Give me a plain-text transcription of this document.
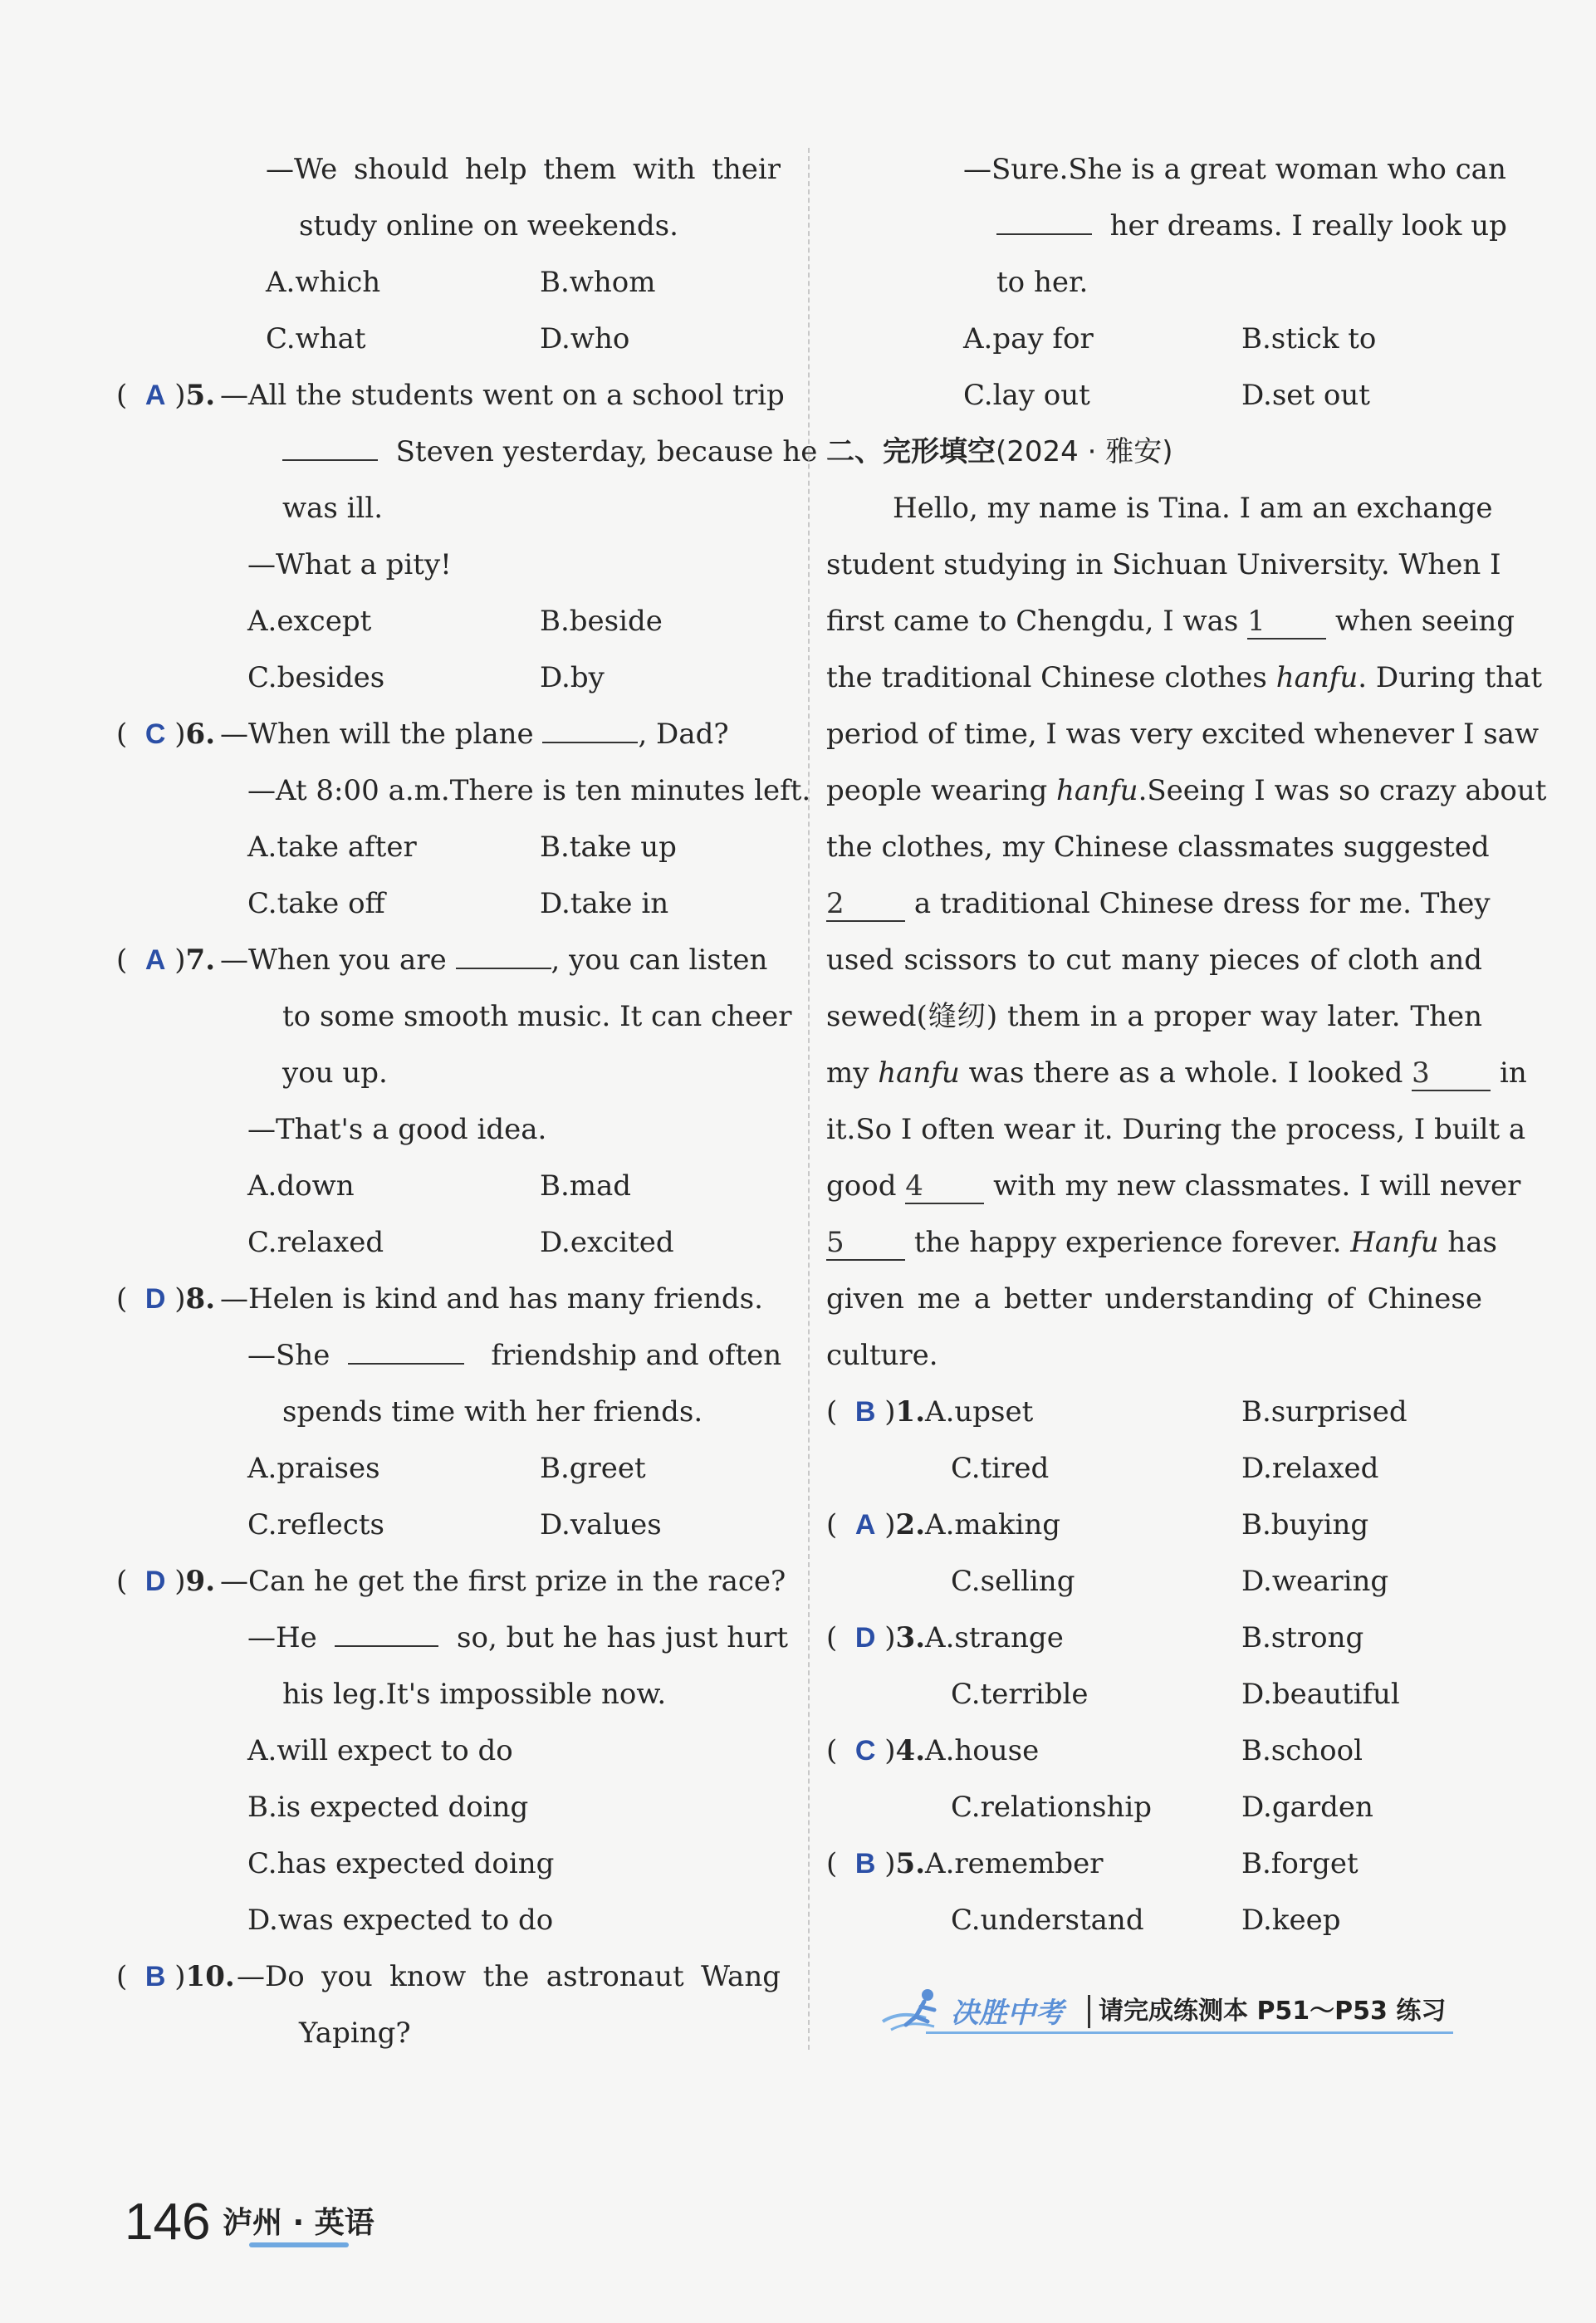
—We should help them with their
study online on weekends.
A.which	B.whom
C.what	D.who
(  A )5. —All the students went on a school trip
Steven yesterday, because he
was ill.
—What a pity!
A.except	B.beside
C.besides	D.by
(  C )6. —When will the plane	, Dad?
—At 8:00 a.m.There is ten minutes left.
A.take after	B.take up
C.take off	D.take in
(  A )7. —When you are	, you can listen
to some smooth music. It can cheer
you up.
—That's a good idea.
A.down	B.mad
C.relaxed	D.excited
(  D )8. —Helen is kind and has many friends.
—She	friendship and often
spends time with her friends.
A.praises	B.greet
C.reflects	D.values
(  D )9. —Can he get the first prize in the race?
—He	so, but he has just hurt
his leg.It's impossible now.
A.will expect to do
B.is expected doing
C.has expected doing
D.was expected to do
(  B )10. —Do you know the astronaut Wang
Yaping?
—Sure.She is a great woman who can
her dreams. I really look up
to her.
A.pay for	B.stick to
C.lay out	D.set out
二、完形填空(2024 · 雅安)
Hello, my name is Tina. I am an exchange
student studying in Sichuan University. When I
first came to Chengdu, I was 1 when seeing
the traditional Chinese clothes hanfu. During that
period of time, I was very excited whenever I saw
people wearing hanfu.Seeing I was so crazy about
the clothes, my Chinese classmates suggested
2 a traditional Chinese dress for me. They
used scissors to cut many pieces of cloth and
sewed(缝纫) them in a proper way later. Then
my hanfu was there as a whole. I looked 3 in
it.So I often wear it. During the process, I built a
good 4 with my new classmates. I will never
5 the happy experience forever. Hanfu has
given me a better understanding of Chinese
culture.
(  B )1.A.upset	B.surprised
C.tired	D.relaxed
(  A )2.A.making	B.buying
C.selling	D.wearing
(  D )3.A.strange	B.strong
C.terrible	D.beautiful
(  C )4.A.house	B.school
C.relationship	D.garden
(  B )5.A.remember	B.forget
C.understand	D.keep
决胜中考 请完成练测本 P51～P53 练习
146 泸州 · 英语
